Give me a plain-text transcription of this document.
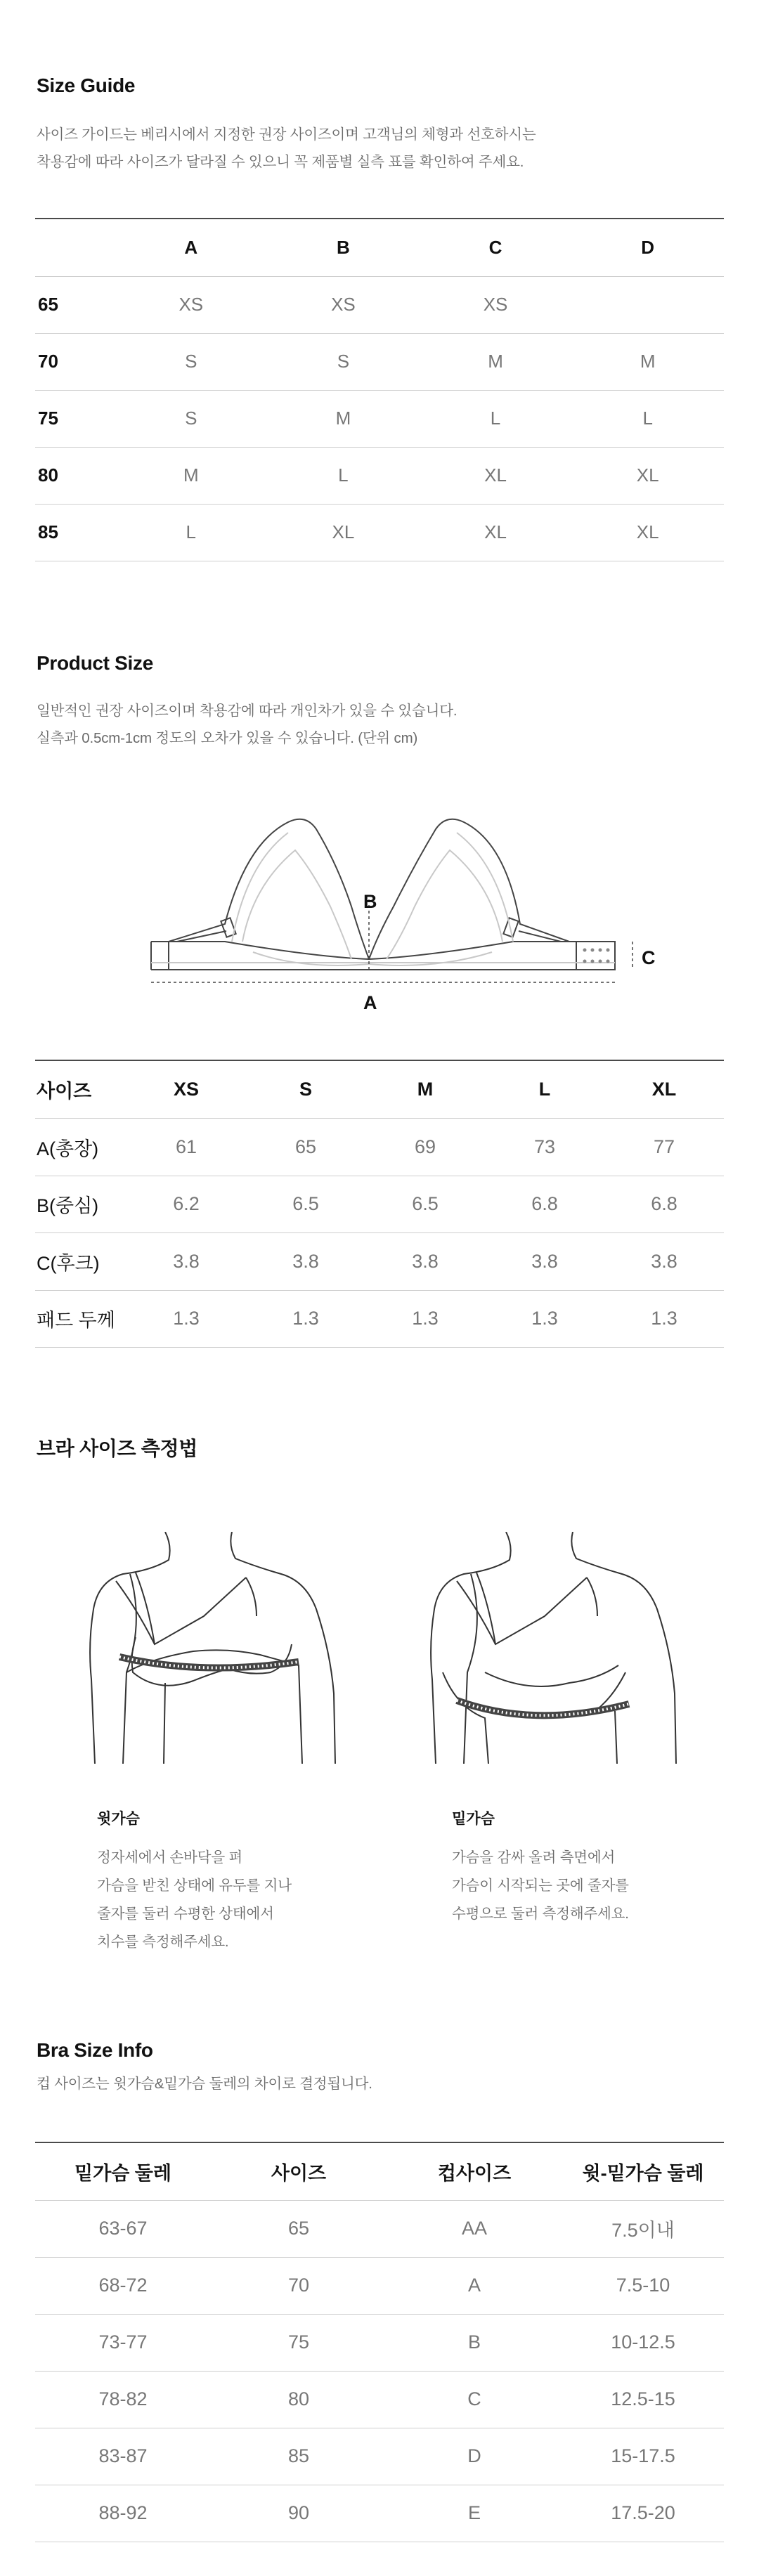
Size Guide
사이즈 가이드는 베리시에서 지정한 권장 사이즈이며 고객님의 체형과 선호하시는
착용감에 따라 사이즈가 달라질 수 있으니 꼭 제품별 실측 표를 확인하여 주세요.
	A	B	C	D
65	XS	XS	XS	
70	S	S	M	M
75	S	M	L	L
80	M	L	XL	XL
85	L	XL	XL	XL
Product Size
일반적인 권장 사이즈이며 착용감에 따라 개인차가 있을 수 있습니다.
실측과 0.5cm-1cm 정도의 오차가 있을 수 있습니다. (단위 cm)
B
C
A
사이즈	XS	S	M	L	XL
A(총장)	61	65	69	73	77
B(중심)	6.2	6.5	6.5	6.8	6.8
C(후크)	3.8	3.8	3.8	3.8	3.8
패드 두께	1.3	1.3	1.3	1.3	1.3
브라 사이즈 측정법
윗가슴
정자세에서 손바닥을 펴
가슴을 받친 상태에 유두를 지나
줄자를 둘러 수평한 상태에서
치수를 측정해주세요.
밑가슴
가슴을 감싸 올려 측면에서
가슴이 시작되는 곳에 줄자를
수평으로 둘러 측정해주세요.
Bra Size Info
컵 사이즈는 윗가슴&밑가슴 둘레의 차이로 결정됩니다.
밑가슴 둘레	사이즈	컵사이즈	윗-밑가슴 둘레
63-67	65	AA	7.5이내
68-72	70	A	7.5-10
73-77	75	B	10-12.5
78-82	80	C	12.5-15
83-87	85	D	15-17.5
88-92	90	E	17.5-20
